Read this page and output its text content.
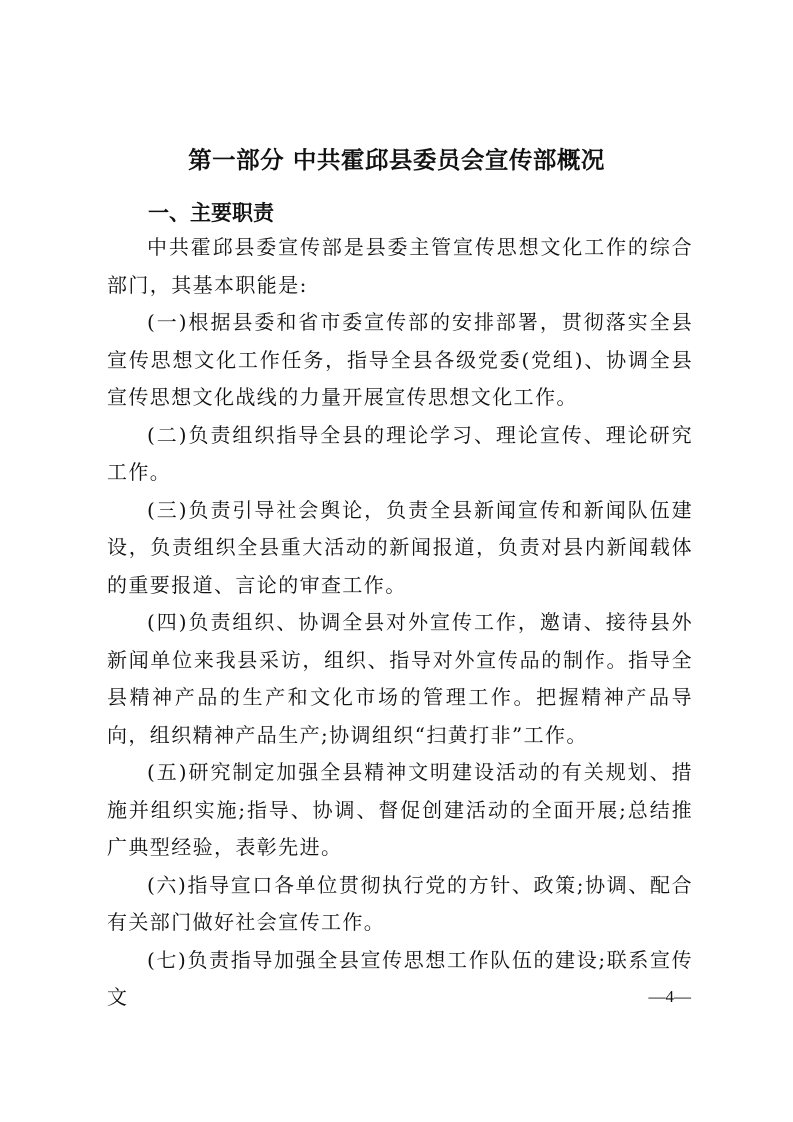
第一部分 中共霍邱县委员会宣传部概况
一、主要职责

中共霍邱县委宣传部是县委主管宣传思想文化工作的综合部门，其基本职能是:

(一)根据县委和省市委宣传部的安排部署，贯彻落实全县宣传思想文化工作任务，指导全县各级党委(党组)、协调全县宣传思想文化战线的力量开展宣传思想文化工作。

(二)负责组织指导全县的理论学习、理论宣传、理论研究工作。

(三)负责引导社会舆论，负责全县新闻宣传和新闻队伍建设，负责组织全县重大活动的新闻报道，负责对县内新闻载体的重要报道、言论的审查工作。

(四)负责组织、协调全县对外宣传工作，邀请、接待县外新闻单位来我县采访，组织、指导对外宣传品的制作。指导全县精神产品的生产和文化市场的管理工作。把握精神产品导向，组织精神产品生产;协调组织“扫黄打非”工作。

(五)研究制定加强全县精神文明建设活动的有关规划、措施并组织实施;指导、协调、督促创建活动的全面开展;总结推广典型经验，表彰先进。

(六)指导宣口各单位贯彻执行党的方针、政策;协调、配合有关部门做好社会宣传工作。

(七)负责指导加强全县宣传思想工作队伍的建设;联系宣传文	—4—
